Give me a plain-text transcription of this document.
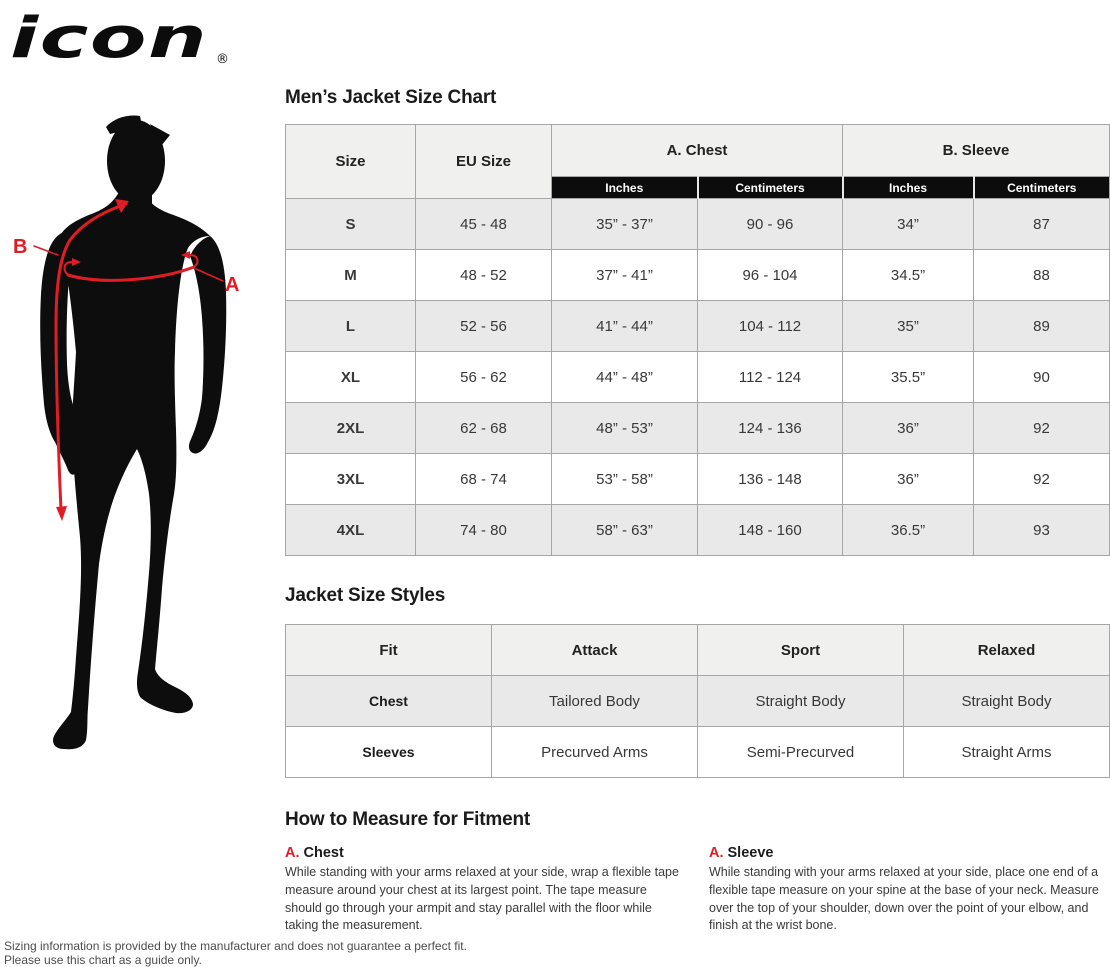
icon ®
B
A
Men’s Jacket Size Chart
Size	EU Size	A. Chest		B. Sleeve	
		Inches	Centimeters	Inches	Centimeters
S	45 - 48	35” - 37”	90 - 96	34”	87
M	48 - 52	37” - 41”	96 - 104	34.5”	88
L	52 - 56	41” - 44”	104 - 112	35”	89
XL	56 - 62	44” - 48”	112 - 124	35.5”	90
2XL	62 - 68	48” - 53”	124 - 136	36”	92
3XL	68 - 74	53” - 58”	136 - 148	36”	92
4XL	74 - 80	58” - 63”	148 - 160	36.5”	93
Jacket Size Styles
Fit	Attack	Sport	Relaxed
Chest	Tailored Body	Straight Body	Straight Body
Sleeves	Precurved Arms	Semi-Precurved	Straight Arms
How to Measure for Fitment
A. Chest

While standing with your arms relaxed at your side, wrap a flexible tape measure around your chest at its largest point. The tape measure should go through your armpit and stay parallel with the floor while taking the measurement.

A. Sleeve

While standing with your arms relaxed at your side, place one end of a flexible tape measure on your spine at the base of your neck. Measure over the top of your shoulder, down over the point of your elbow, and finish at the wrist bone.

Sizing information is provided by the manufacturer and does not guarantee a perfect fit.
Please use this chart as a guide only.
